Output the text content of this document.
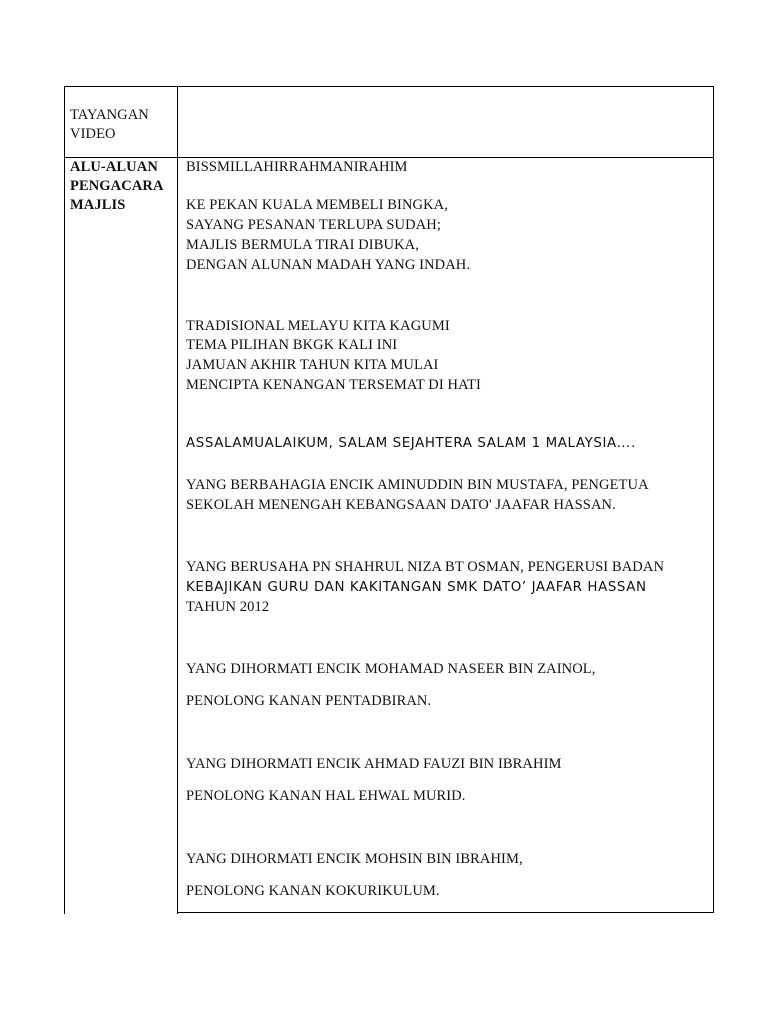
TAYANGAN
VIDEO
ALU-ALUAN
PENGACARA
MAJLIS
BISSMILLAHIRRAHMANIRAHIM
KE PEKAN KUALA MEMBELI BINGKA,
SAYANG PESANAN TERLUPA SUDAH;
MAJLIS BERMULA TIRAI DIBUKA,
DENGAN ALUNAN MADAH YANG INDAH.
TRADISIONAL MELAYU KITA KAGUMI
TEMA PILIHAN BKGK KALI INI
JAMUAN AKHIR TAHUN KITA MULAI
MENCIPTA KENANGAN TERSEMAT DI HATI
ASSALAMUALAIKUM, SALAM SEJAHTERA SALAM 1 MALAYSIA….
YANG BERBAHAGIA ENCIK AMINUDDIN BIN MUSTAFA, PENGETUA
SEKOLAH MENENGAH KEBANGSAAN DATO' JAAFAR HASSAN.
YANG BERUSAHA PN SHAHRUL NIZA BT OSMAN, PENGERUSI BADAN
KEBAJIKAN GURU DAN KAKITANGAN SMK DATO’ JAAFAR HASSAN
TAHUN 2012
YANG DIHORMATI ENCIK MOHAMAD NASEER BIN ZAINOL,
PENOLONG KANAN PENTADBIRAN.
YANG DIHORMATI ENCIK AHMAD FAUZI BIN IBRAHIM
PENOLONG KANAN HAL EHWAL MURID.
YANG DIHORMATI ENCIK MOHSIN BIN IBRAHIM,
PENOLONG KANAN KOKURIKULUM.
